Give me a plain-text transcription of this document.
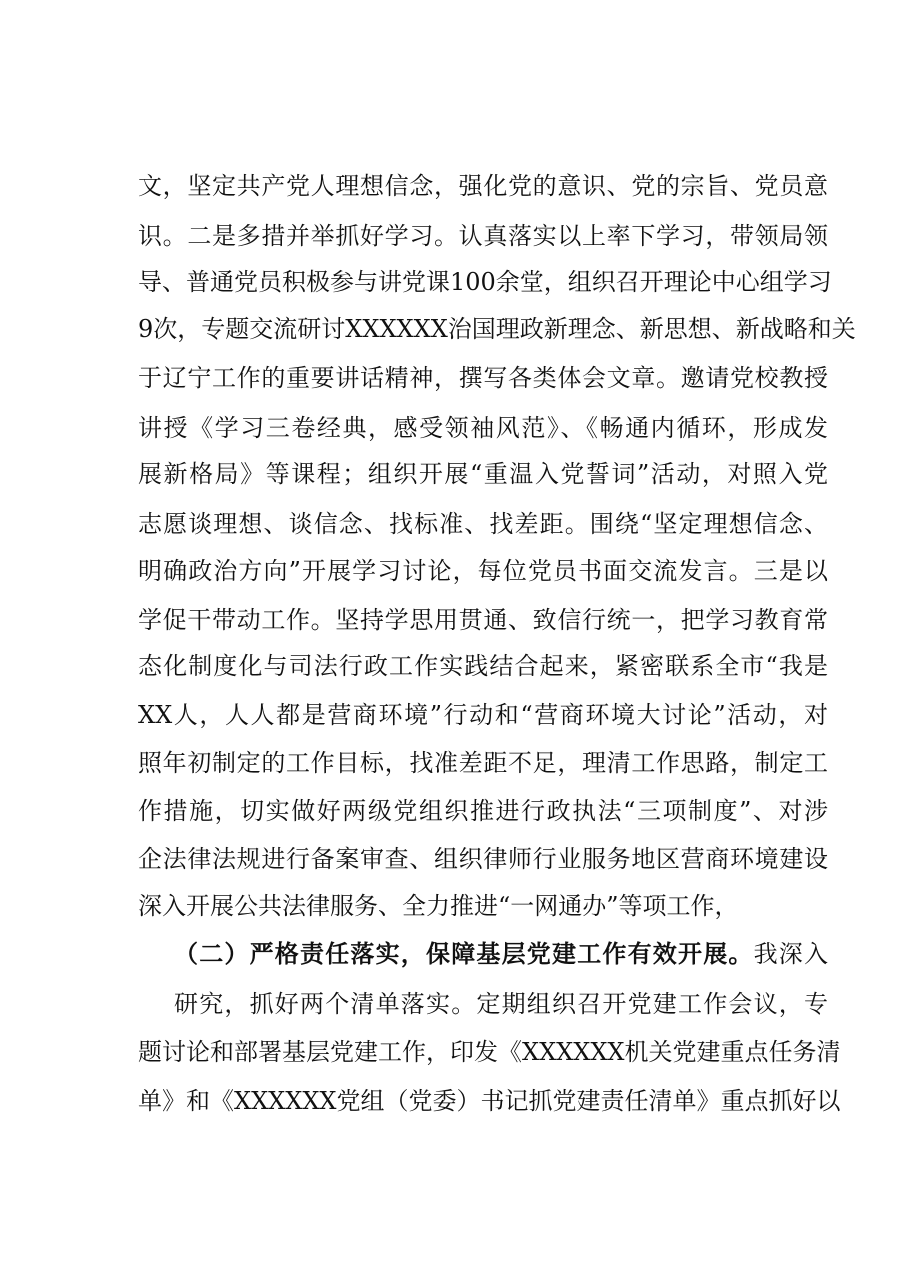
文，坚定共产党人理想信念，强化党的意识、党的宗旨、党员意
识。二是多措并举抓好学习。认真落实以上率下学习，带领局领
导、普通党员积极参与讲党课100余堂，组织召开理论中心组学习
9次，专题交流研讨XXXXXX治国理政新理念、新思想、新战略和关
于辽宁工作的重要讲话精神，撰写各类体会文章。邀请党校教授
讲授《学习三卷经典，感受领袖风范》、《畅通内循环，形成发
展新格局》等课程；组织开展“重温入党誓词”活动，对照入党
志愿谈理想、谈信念、找标准、找差距。围绕“坚定理想信念、
明确政治方向”开展学习讨论，每位党员书面交流发言。三是以
学促干带动工作。坚持学思用贯通、致信行统一，把学习教育常
态化制度化与司法行政工作实践结合起来，紧密联系全市“我是
XX人，人人都是营商环境”行动和“营商环境大讨论”活动，对
照年初制定的工作目标，找准差距不足，理清工作思路，制定工
作措施，切实做好两级党组织推进行政执法“三项制度”、对涉
企法律法规进行备案审查、组织律师行业服务地区营商环境建设
深入开展公共法律服务、全力推进“一网通办”等项工作，
（二）严格责任落实，保障基层党建工作有效开展。我深入
研究，抓好两个清单落实。定期组织召开党建工作会议，专
题讨论和部署基层党建工作，印发《XXXXXX机关党建重点任务清
单》和《XXXXXX党组（党委）书记抓党建责任清单》重点抓好以
